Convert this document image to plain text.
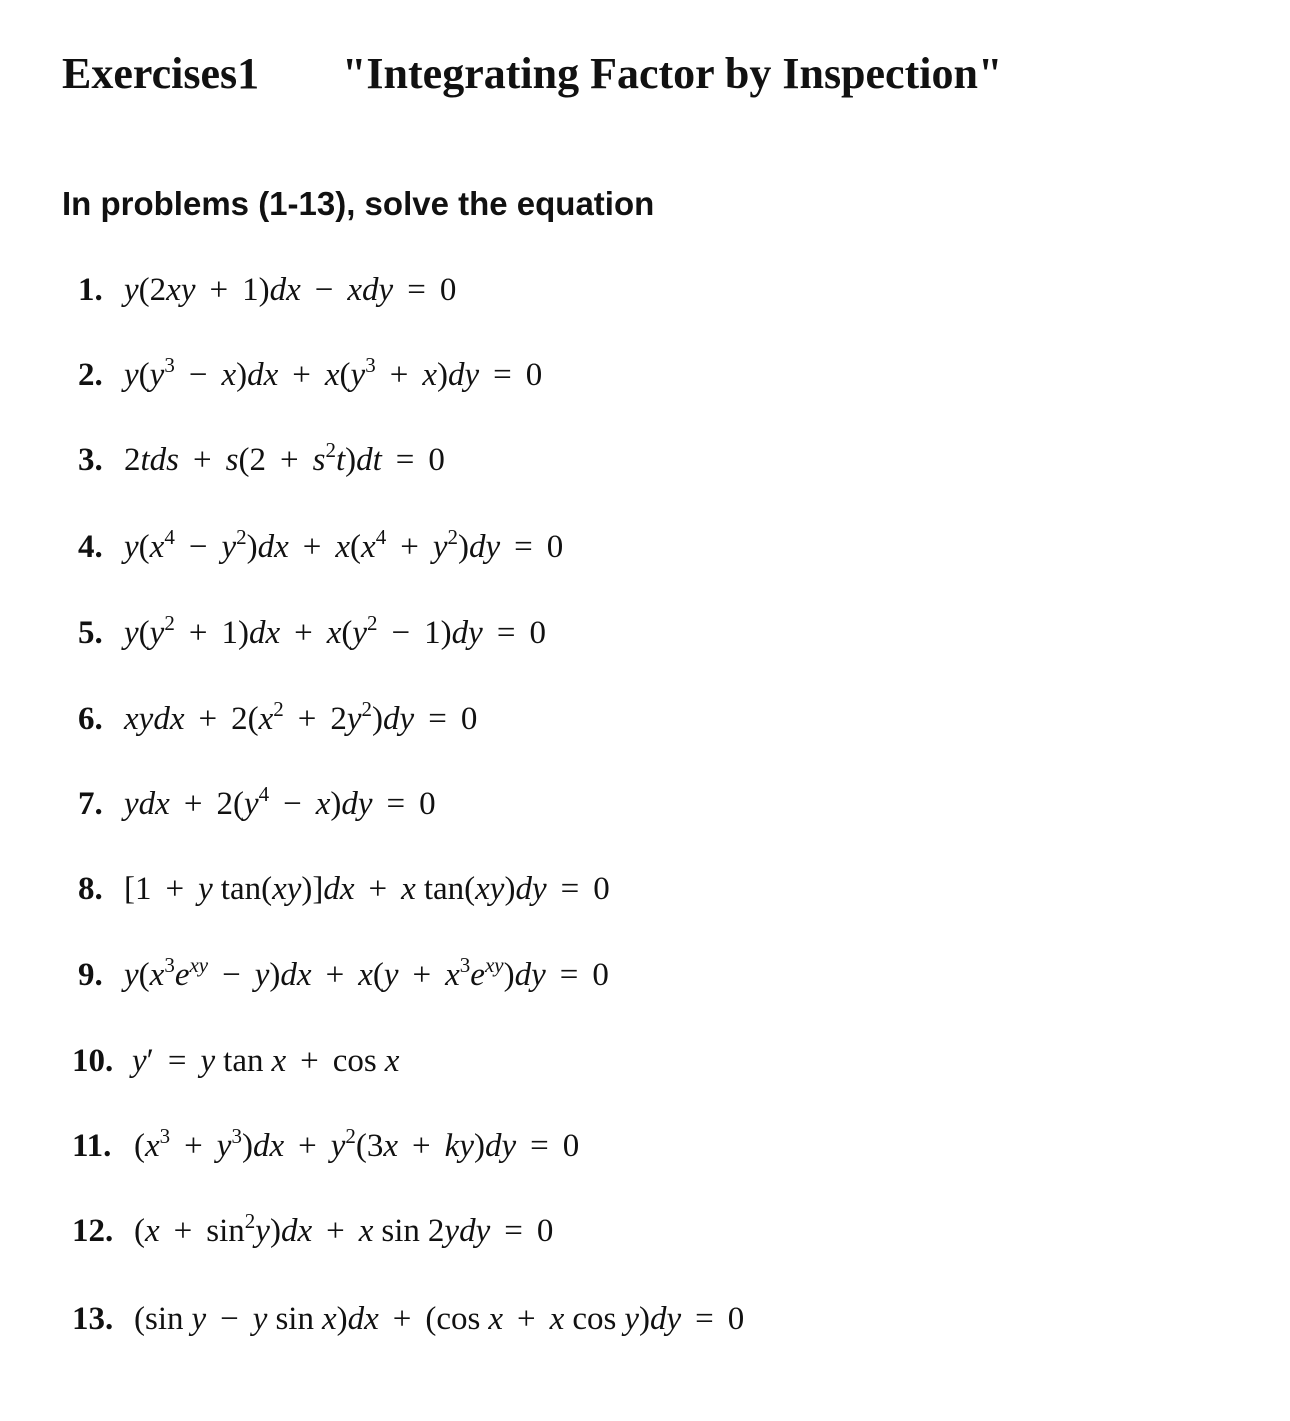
Exercises1 "Integrating Factor by Inspection"
In problems (1-13), solve the equation
1. y(2xy + 1)dx − xdy = 0
2. $y(y^3 - x)dx + x(y^3 + x)dy = 0$
3. $2tds + s(2 + s^2t)dt = 0$
4. $y(x^4 - y^2)dx + x(x^4 + y^2)dy = 0$
5. $y(y^2 + 1)dx + x(y^2 - 1)dy = 0$
6. xydx + $2(x^2 + 2y^2)dy = 0$
7. ydx + $2(y^4 - x)dy = 0$
8. [1 + y tan(xy)]dx + x tan(xy)dy = 0
9. $y(x^3e^{xy} - y)dx + x(y + x^3e^{xy})dy = 0$
10. y′ = y tan x + cos x
11. $(x^3 + y^3)dx + y^2(3x + ky)dy = 0$
12. $(x + \sin^2y)dx + x$ sin 2ydy = 0
13. (sin y − y sin x)dx + (cos x + x cos y)dy = 0
